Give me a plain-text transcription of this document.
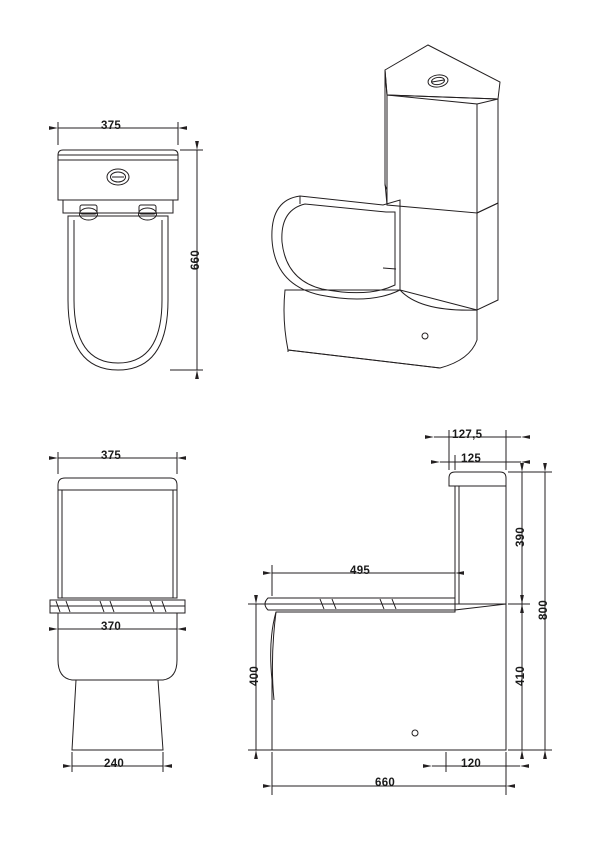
375
660
375
370
240
127,5
125
495
660
120
390
800
410
400
